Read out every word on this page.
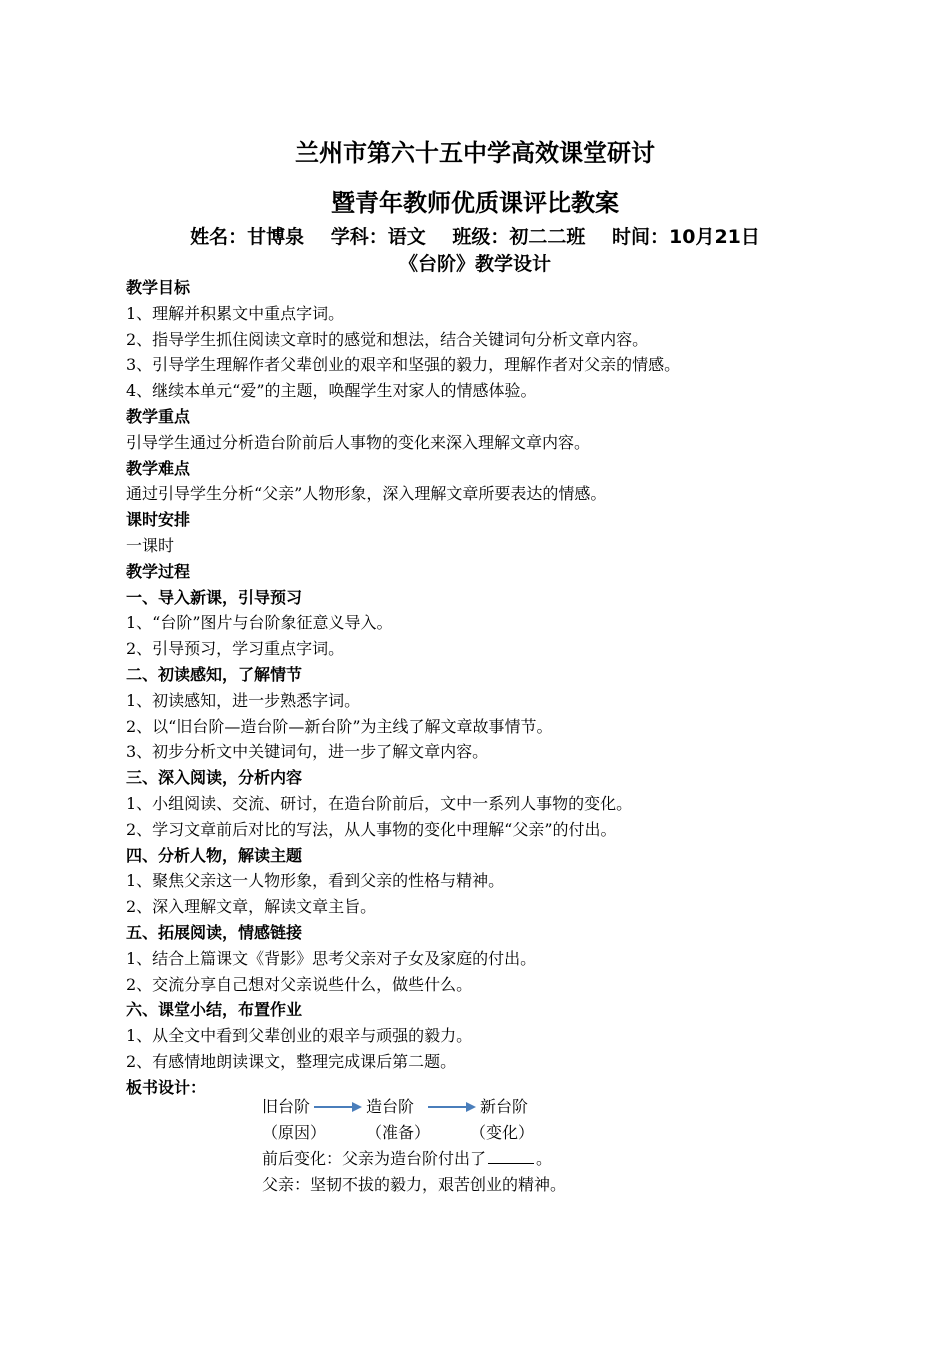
兰州市第六十五中学高效课堂研讨
暨青年教师优质课评比教案
姓名：甘博泉 学科：语文 班级：初二二班 时间：10月21日
《台阶》教学设计
教学目标
1、理解并积累文中重点字词。
2、指导学生抓住阅读文章时的感觉和想法，结合关键词句分析文章内容。
3、引导学生理解作者父辈创业的艰辛和坚强的毅力，理解作者对父亲的情感。
4、继续本单元“爱”的主题，唤醒学生对家人的情感体验。
教学重点
引导学生通过分析造台阶前后人事物的变化来深入理解文章内容。
教学难点
通过引导学生分析“父亲”人物形象，深入理解文章所要表达的情感。
课时安排
一课时
教学过程
一、导入新课，引导预习
1、“台阶”图片与台阶象征意义导入。
2、引导预习，学习重点字词。
二、初读感知，了解情节
1、初读感知，进一步熟悉字词。
2、以“旧台阶—造台阶—新台阶”为主线了解文章故事情节。
3、初步分析文中关键词句，进一步了解文章内容。
三、深入阅读，分析内容
1、小组阅读、交流、研讨，在造台阶前后，文中一系列人事物的变化。
2、学习文章前后对比的写法，从人事物的变化中理解“父亲”的付出。
四、分析人物，解读主题
1、聚焦父亲这一人物形象，看到父亲的性格与精神。
2、深入理解文章，解读文章主旨。
五、拓展阅读，情感链接
1、结合上篇课文《背影》思考父亲对子女及家庭的付出。
2、交流分享自己想对父亲说些什么，做些什么。
六、课堂小结，布置作业
1、从全文中看到父辈创业的艰辛与顽强的毅力。
2、有感情地朗读课文，整理完成课后第二题。
板书设计：
旧台阶	造台阶	新台阶
（原因） （准备） （变化）
前后变化：父亲为造台阶付出了	。
父亲：坚韧不拔的毅力，艰苦创业的精神。
